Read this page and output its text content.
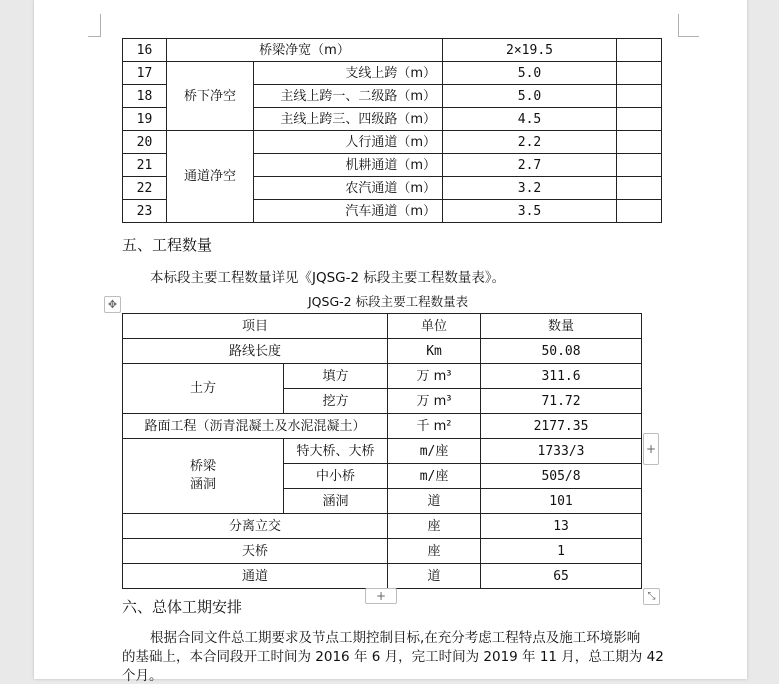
16	桥梁净宽（m）		2×19.5	
17	桥下净空	支线上跨（m）	5.0	
18		主线上跨一、二级路（m）	5.0	
19		主线上跨三、四级路（m）	4.5	
20	通道净空	人行通道（m）	2.2	
21		机耕通道（m）	2.7	
22		农汽通道（m）	3.2	
23		汽车通道（m）	3.5	
五、工程数量
本标段主要工程数量详见《JQSG-2 标段主要工程数量表》。
JQSG-2 标段主要工程数量表
✥
项目		单位	数量
路线长度		Km	50.08
土方	填方	万 m³	311.6
	挖方	万 m³	71.72
路面工程（沥青混凝土及水泥混凝土）		千 m²	2177.35
桥梁
涵洞	特大桥、大桥	m/座	1733/3
	中小桥	m/座	505/8
	涵洞	道	101
分离立交		座	13
天桥		座	1
通道		道	65
+
+	⤡
六、总体工期安排
根据合同文件总工期要求及节点工期控制目标,在充分考虑工程特点及施工环境影响
的基础上，本合同段开工时间为 2016 年 6 月，完工时间为 2019 年 11 月，总工期为 42
个月。
